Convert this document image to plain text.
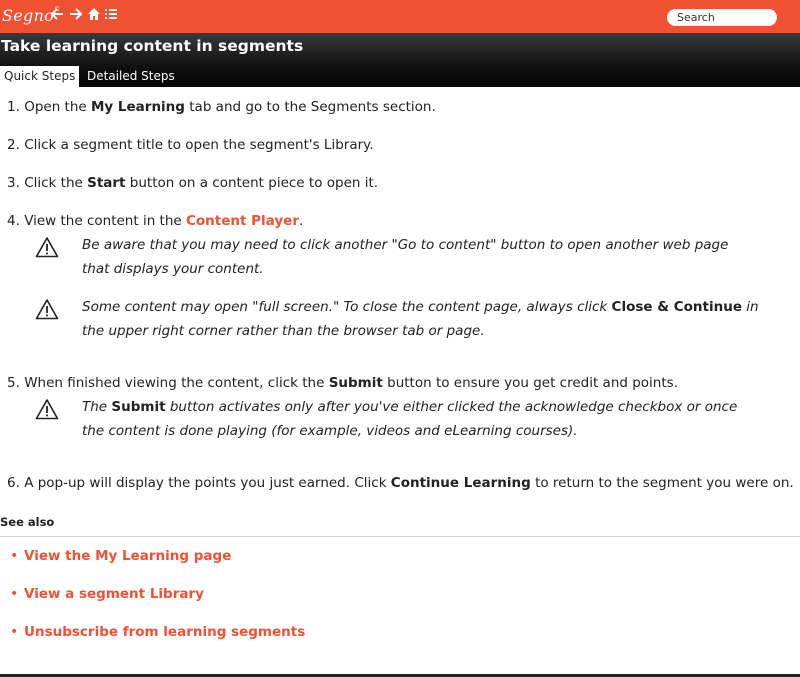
Segno©
Search
Take learning content in segments
Quick Steps Detailed Steps
1. Open the My Learning tab and go to the Segments section.
2. Click a segment title to open the segment's Library.
3. Click the Start button on a content piece to open it.
4. View the content in the Content Player.
Be aware that you may need to click another "Go to content" button to open another web page
that displays your content.
Some content may open "full screen." To close the content page, always click Close & Continue in
the upper right corner rather than the browser tab or page.
5. When finished viewing the content, click the Submit button to ensure you get credit and points.
The Submit button activates only after you've either clicked the acknowledge checkbox or once
the content is done playing (for example, videos and eLearning courses).
6. A pop-up will display the points you just earned. Click Continue Learning to return to the segment you were on.
See also
• View the My Learning page
• View a segment Library
• Unsubscribe from learning segments
